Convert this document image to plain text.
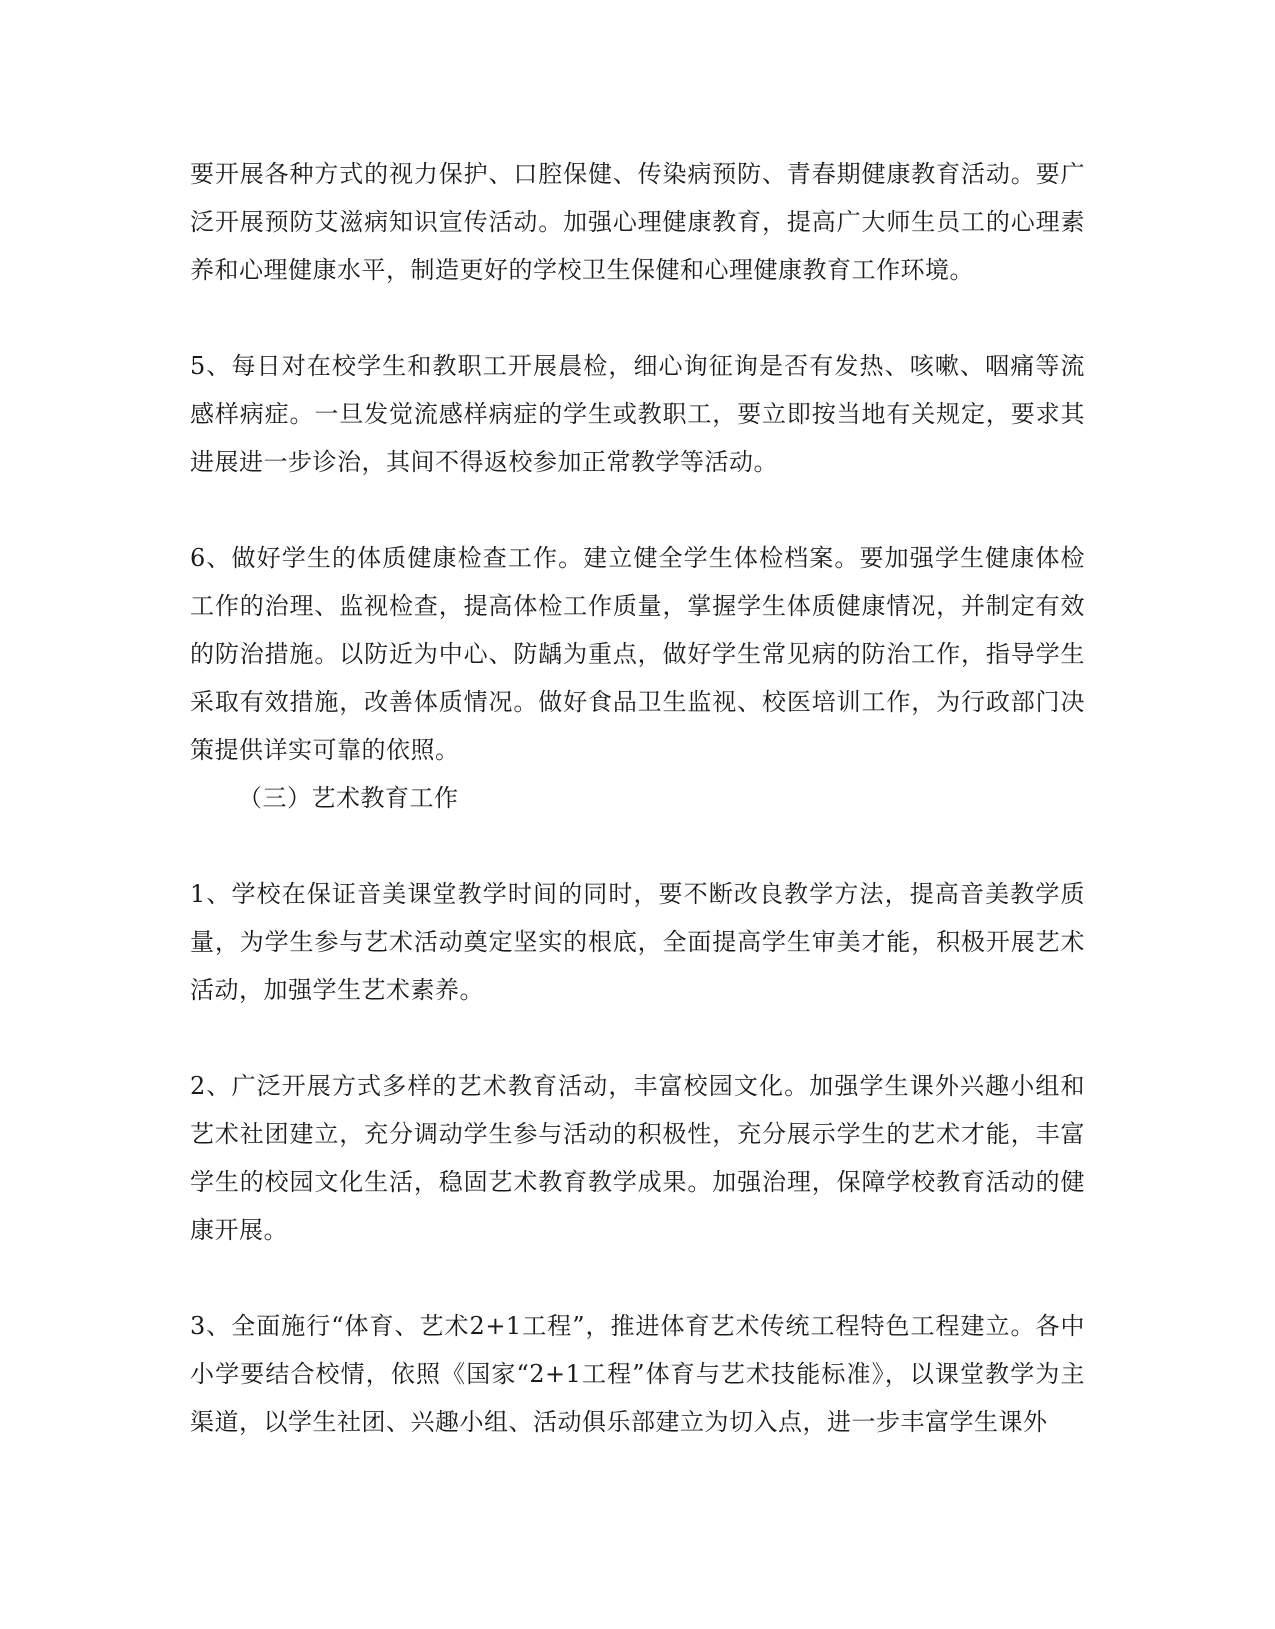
要开展各种方式的视力保护、口腔保健、传染病预防、青春期健康教育活动。要广泛开展预防艾滋病知识宣传活动。加强心理健康教育，提高广大师生员工的心理素养和心理健康水平，制造更好的学校卫生保健和心理健康教育工作环境。

5、每日对在校学生和教职工开展晨检，细心询征询是否有发热、咳嗽、咽痛等流感样病症。一旦发觉流感样病症的学生或教职工，要立即按当地有关规定，要求其进展进一步诊治，其间不得返校参加正常教学等活动。

6、做好学生的体质健康检查工作。建立健全学生体检档案。要加强学生健康体检工作的治理、监视检查，提高体检工作质量，掌握学生体质健康情况，并制定有效的防治措施。以防近为中心、防龋为重点，做好学生常见病的防治工作，指导学生采取有效措施，改善体质情况。做好食品卫生监视、校医培训工作，为行政部门决策提供详实可靠的依照。

（三）艺术教育工作

1、学校在保证音美课堂教学时间的同时，要不断改良教学方法，提高音美教学质量，为学生参与艺术活动奠定坚实的根底，全面提高学生审美才能，积极开展艺术活动，加强学生艺术素养。

2、广泛开展方式多样的艺术教育活动，丰富校园文化。加强学生课外兴趣小组和艺术社团建立，充分调动学生参与活动的积极性，充分展示学生的艺术才能，丰富学生的校园文化生活，稳固艺术教育教学成果。加强治理，保障学校教育活动的健康开展。

3、全面施行“体育、艺术2+1工程”，推进体育艺术传统工程特色工程建立。各中小学要结合校情，依照《国家“2+1工程”体育与艺术技能标准》，以课堂教学为主渠道，以学生社团、兴趣小组、活动俱乐部建立为切入点，进一步丰富学生课外
